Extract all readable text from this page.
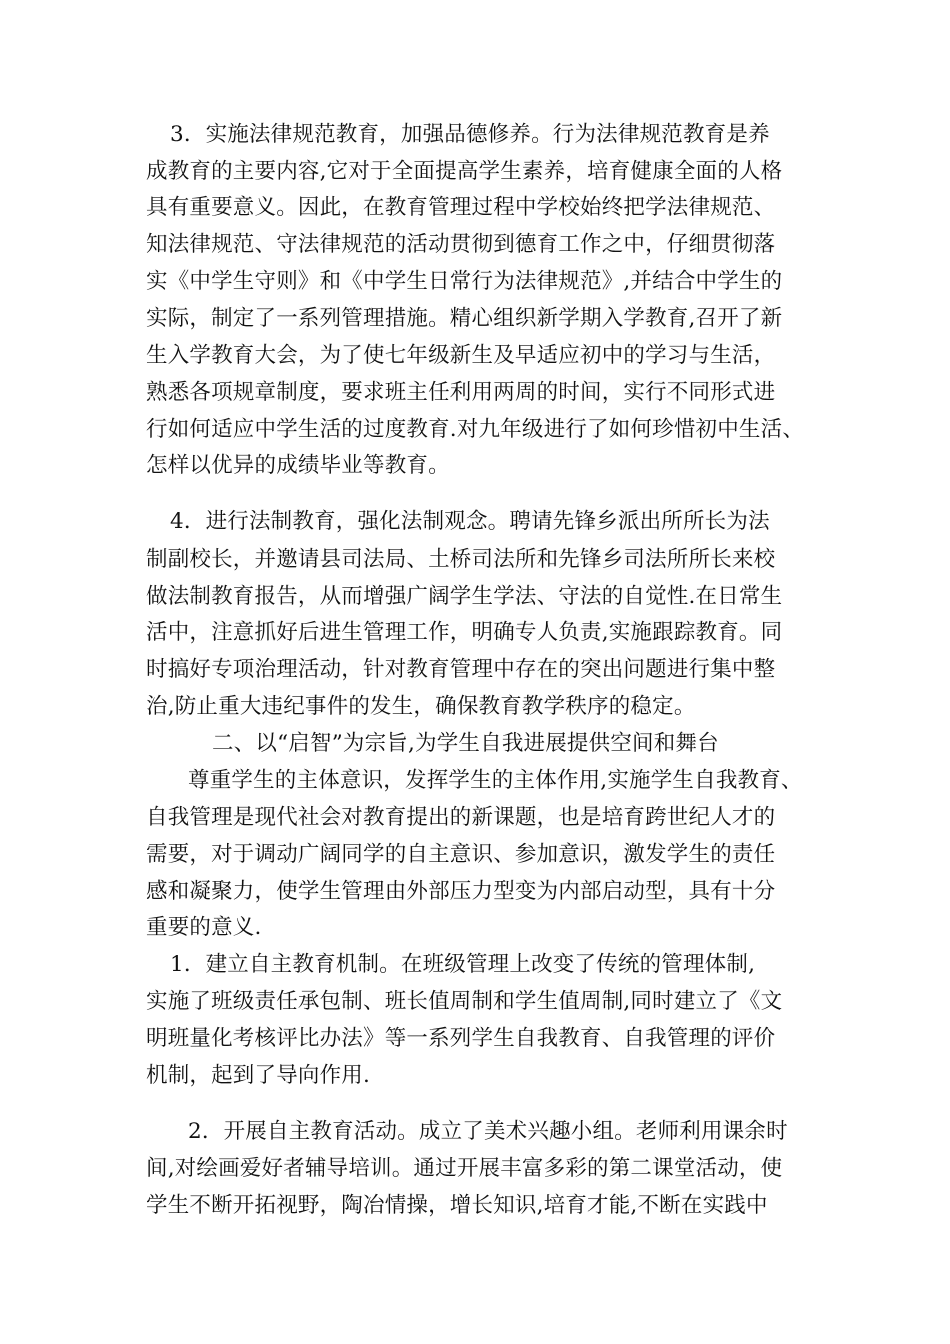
3．实施法律规范教育，加强品德修养。行为法律规范教育是养
成教育的主要内容,它对于全面提高学生素养，培育健康全面的人格
具有重要意义。因此，在教育管理过程中学校始终把学法律规范、
知法律规范、守法律规范的活动贯彻到德育工作之中，仔细贯彻落
实《中学生守则》和《中学生日常行为法律规范》,并结合中学生的
实际，制定了一系列管理措施。精心组织新学期入学教育,召开了新
生入学教育大会，为了使七年级新生及早适应初中的学习与生活，
熟悉各项规章制度，要求班主任利用两周的时间，实行不同形式进
行如何适应中学生活的过度教育.对九年级进行了如何珍惜初中生活、
怎样以优异的成绩毕业等教育。
4．进行法制教育，强化法制观念。聘请先锋乡派出所所长为法
制副校长，并邀请县司法局、土桥司法所和先锋乡司法所所长来校
做法制教育报告，从而增强广阔学生学法、守法的自觉性.在日常生
活中，注意抓好后进生管理工作，明确专人负责,实施跟踪教育。同
时搞好专项治理活动，针对教育管理中存在的突出问题进行集中整
治,防止重大违纪事件的发生，确保教育教学秩序的稳定。
二、以“启智”为宗旨,为学生自我进展提供空间和舞台
尊重学生的主体意识，发挥学生的主体作用,实施学生自我教育、
自我管理是现代社会对教育提出的新课题，也是培育跨世纪人才的
需要，对于调动广阔同学的自主意识、参加意识，激发学生的责任
感和凝聚力，使学生管理由外部压力型变为内部启动型，具有十分
重要的意义.
1．建立自主教育机制。在班级管理上改变了传统的管理体制,
实施了班级责任承包制、班长值周制和学生值周制,同时建立了《文
明班量化考核评比办法》等一系列学生自我教育、自我管理的评价
机制，起到了导向作用.
2．开展自主教育活动。成立了美术兴趣小组。老师利用课余时
间,对绘画爱好者辅导培训。通过开展丰富多彩的第二课堂活动，使
学生不断开拓视野，陶冶情操，增长知识,培育才能,不断在实践中
